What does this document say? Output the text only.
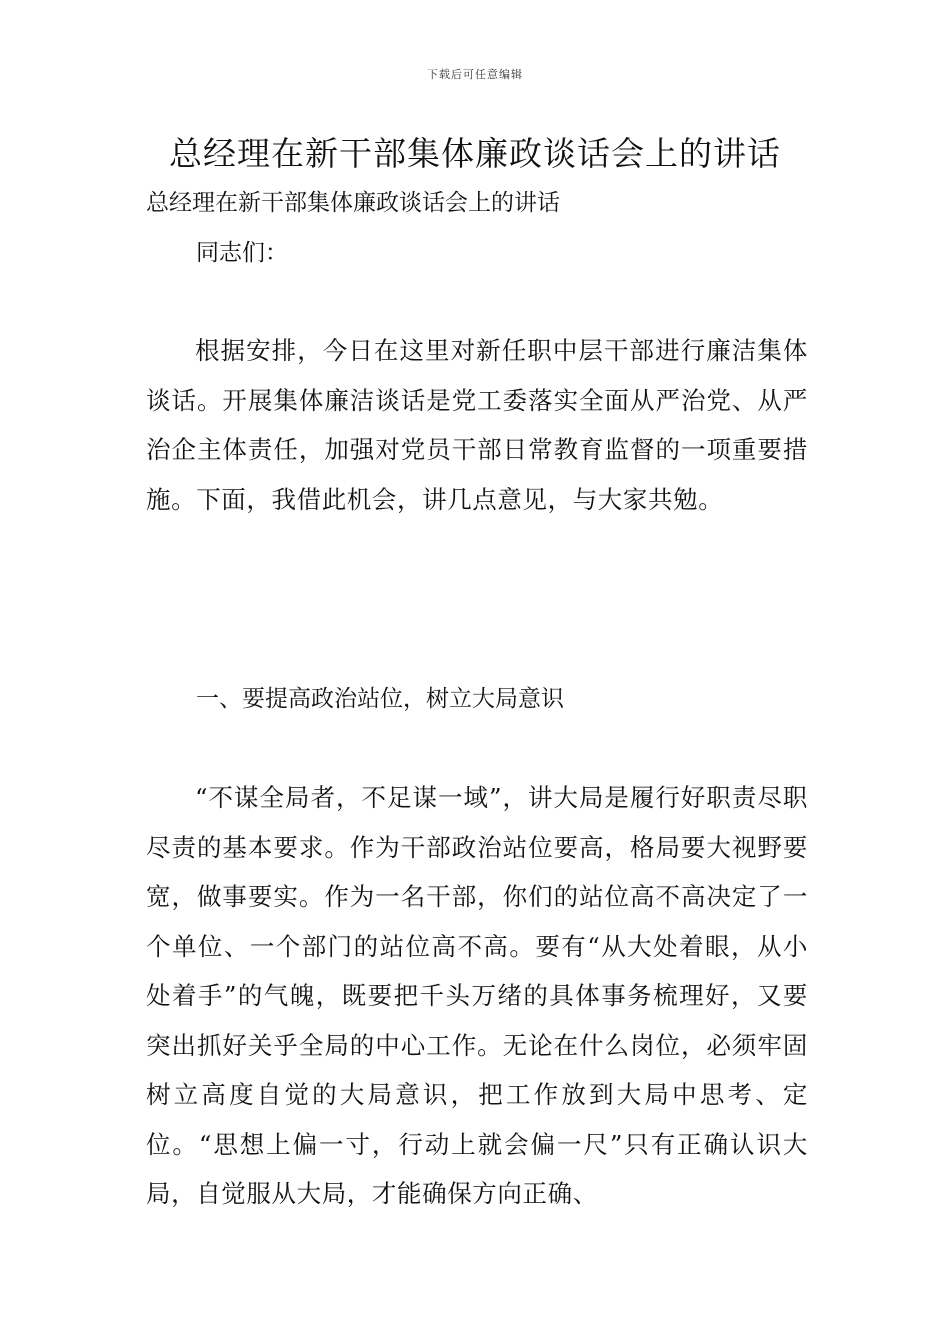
下载后可任意编辑
总经理在新干部集体廉政谈话会上的讲话

总经理在新干部集体廉政谈话会上的讲话

同志们：

根据安排，今日在这里对新任职中层干部进行廉洁集体谈话。开展集体廉洁谈话是党工委落实全面从严治党、从严治企主体责任，加强对党员干部日常教育监督的一项重要措施。下面，我借此机会，讲几点意见，与大家共勉。

一、要提高政治站位，树立大局意识

“不谋全局者，不足谋一域”，讲大局是履行好职责尽职尽责的基本要求。作为干部政治站位要高，格局要大视野要宽，做事要实。作为一名干部，你们的站位高不高决定了一个单位、一个部门的站位高不高。要有“从大处着眼，从小处着手”的气魄，既要把千头万绪的具体事务梳理好，又要突出抓好关乎全局的中心工作。无论在什么岗位，必须牢固树立高度自觉的大局意识，把工作放到大局中思考、定位。“思想上偏一寸，行动上就会偏一尺”只有正确认识大局，自觉服从大局，才能确保方向正确、
